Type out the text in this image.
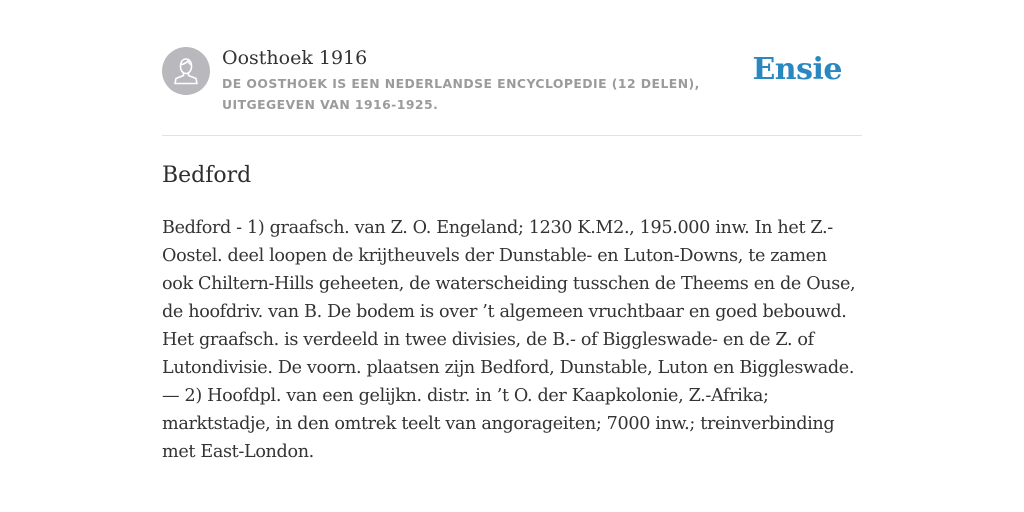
Oosthoek 1916
DE OOSTHOEK IS EEN NEDERLANDSE ENCYCLOPEDIE (12 DELEN), UITGEGEVEN VAN 1916-1925.
Ensie
Bedford
Bedford - 1) graafsch. van Z. O. Engeland; 1230 K.M2., 195.000 inw. In het Z.-Oostel. deel loopen de krijtheuvels der Dunstable- en Luton-Downs, te zamen ook Chiltern-Hills geheeten, de waterscheiding tusschen de Theems en de Ouse, de hoofdriv. van B. De bodem is over ’t algemeen vruchtbaar en goed bebouwd. Het graafsch. is verdeeld in twee divisies, de B.- of Biggleswade- en de Z. of Lutondivisie. De voorn. plaatsen zijn Bedford, Dunstable, Luton en Biggleswade. — 2) Hoofdpl. van een gelijkn. distr. in ’t O. der Kaapkolonie, Z.-Afrika; marktstadje, in den omtrek teelt van angorageiten; 7000 inw.; treinverbinding met East-London.
